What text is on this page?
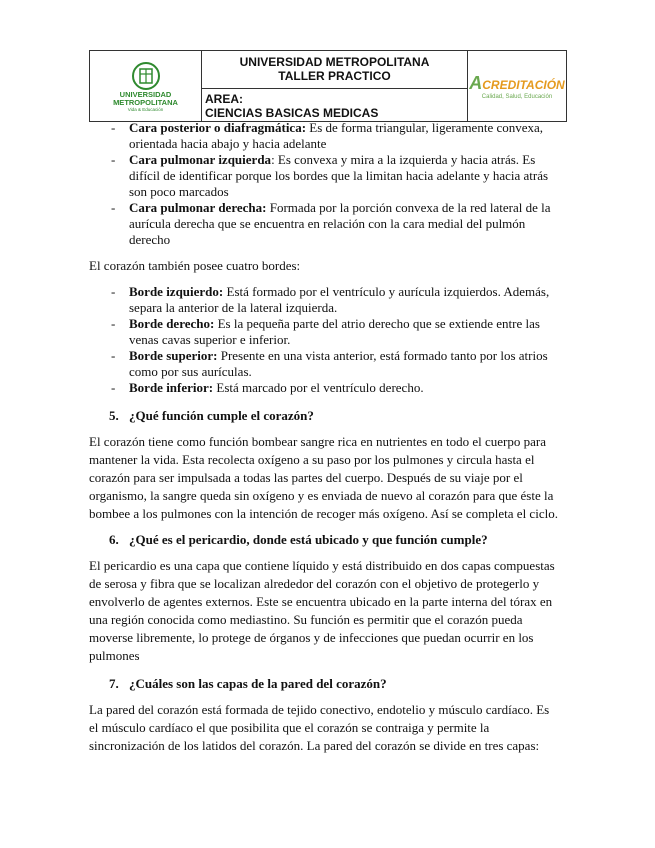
UNIVERSIDAD
METROPOLITANA
Vida & Educación

UNIVERSIDAD METROPOLITANA
TALLER PRACTICO
AREA:
CIENCIAS BASICAS MEDICAS

ACREDITACIÓN
Calidad, Salud, Educación

- Cara posterior o diafragmática: Es de forma triangular, ligeramente convexa, orientada hacia abajo y hacia adelante

- Cara pulmonar izquierda: Es convexa y mira a la izquierda y hacia atrás. Es difícil de identificar porque los bordes que la limitan hacia adelante y hacia atrás son poco marcados

- Cara pulmonar derecha: Formada por la porción convexa de la red lateral de la aurícula derecha que se encuentra en relación con la cara medial del pulmón derecho

El corazón también posee cuatro bordes:

- Borde izquierdo: Está formado por el ventrículo y aurícula izquierdos. Además, separa la anterior de la lateral izquierda.

- Borde derecho: Es la pequeña parte del atrio derecho que se extiende entre las venas cavas superior e inferior.

- Borde superior: Presente en una vista anterior, está formado tanto por los atrios como por sus aurículas.

- Borde inferior: Está marcado por el ventrículo derecho.

5. ¿Qué función cumple el corazón?

El corazón tiene como función bombear sangre rica en nutrientes en todo el cuerpo para mantener la vida. Esta recolecta oxígeno a su paso por los pulmones y circula hasta el corazón para ser impulsada a todas las partes del cuerpo. Después de su viaje por el organismo, la sangre queda sin oxígeno y es enviada de nuevo al corazón para que éste la bombee a los pulmones con la intención de recoger más oxígeno. Así se completa el ciclo.

6. ¿Qué es el pericardio, donde está ubicado y que función cumple?

El pericardio es una capa que contiene líquido y está distribuido en dos capas compuestas de serosa y fibra que se localizan alrededor del corazón con el objetivo de protegerlo y envolverlo de agentes externos. Este se encuentra ubicado en la parte interna del tórax en una región conocida como mediastino. Su función es permitir que el corazón pueda moverse libremente, lo protege de órganos y de infecciones que puedan ocurrir en los pulmones

7. ¿Cuáles son las capas de la pared del corazón?

La pared del corazón está formada de tejido conectivo, endotelio y músculo cardíaco. Es el músculo cardíaco el que posibilita que el corazón se contraiga y permite la sincronización de los latidos del corazón. La pared del corazón se divide en tres capas:
